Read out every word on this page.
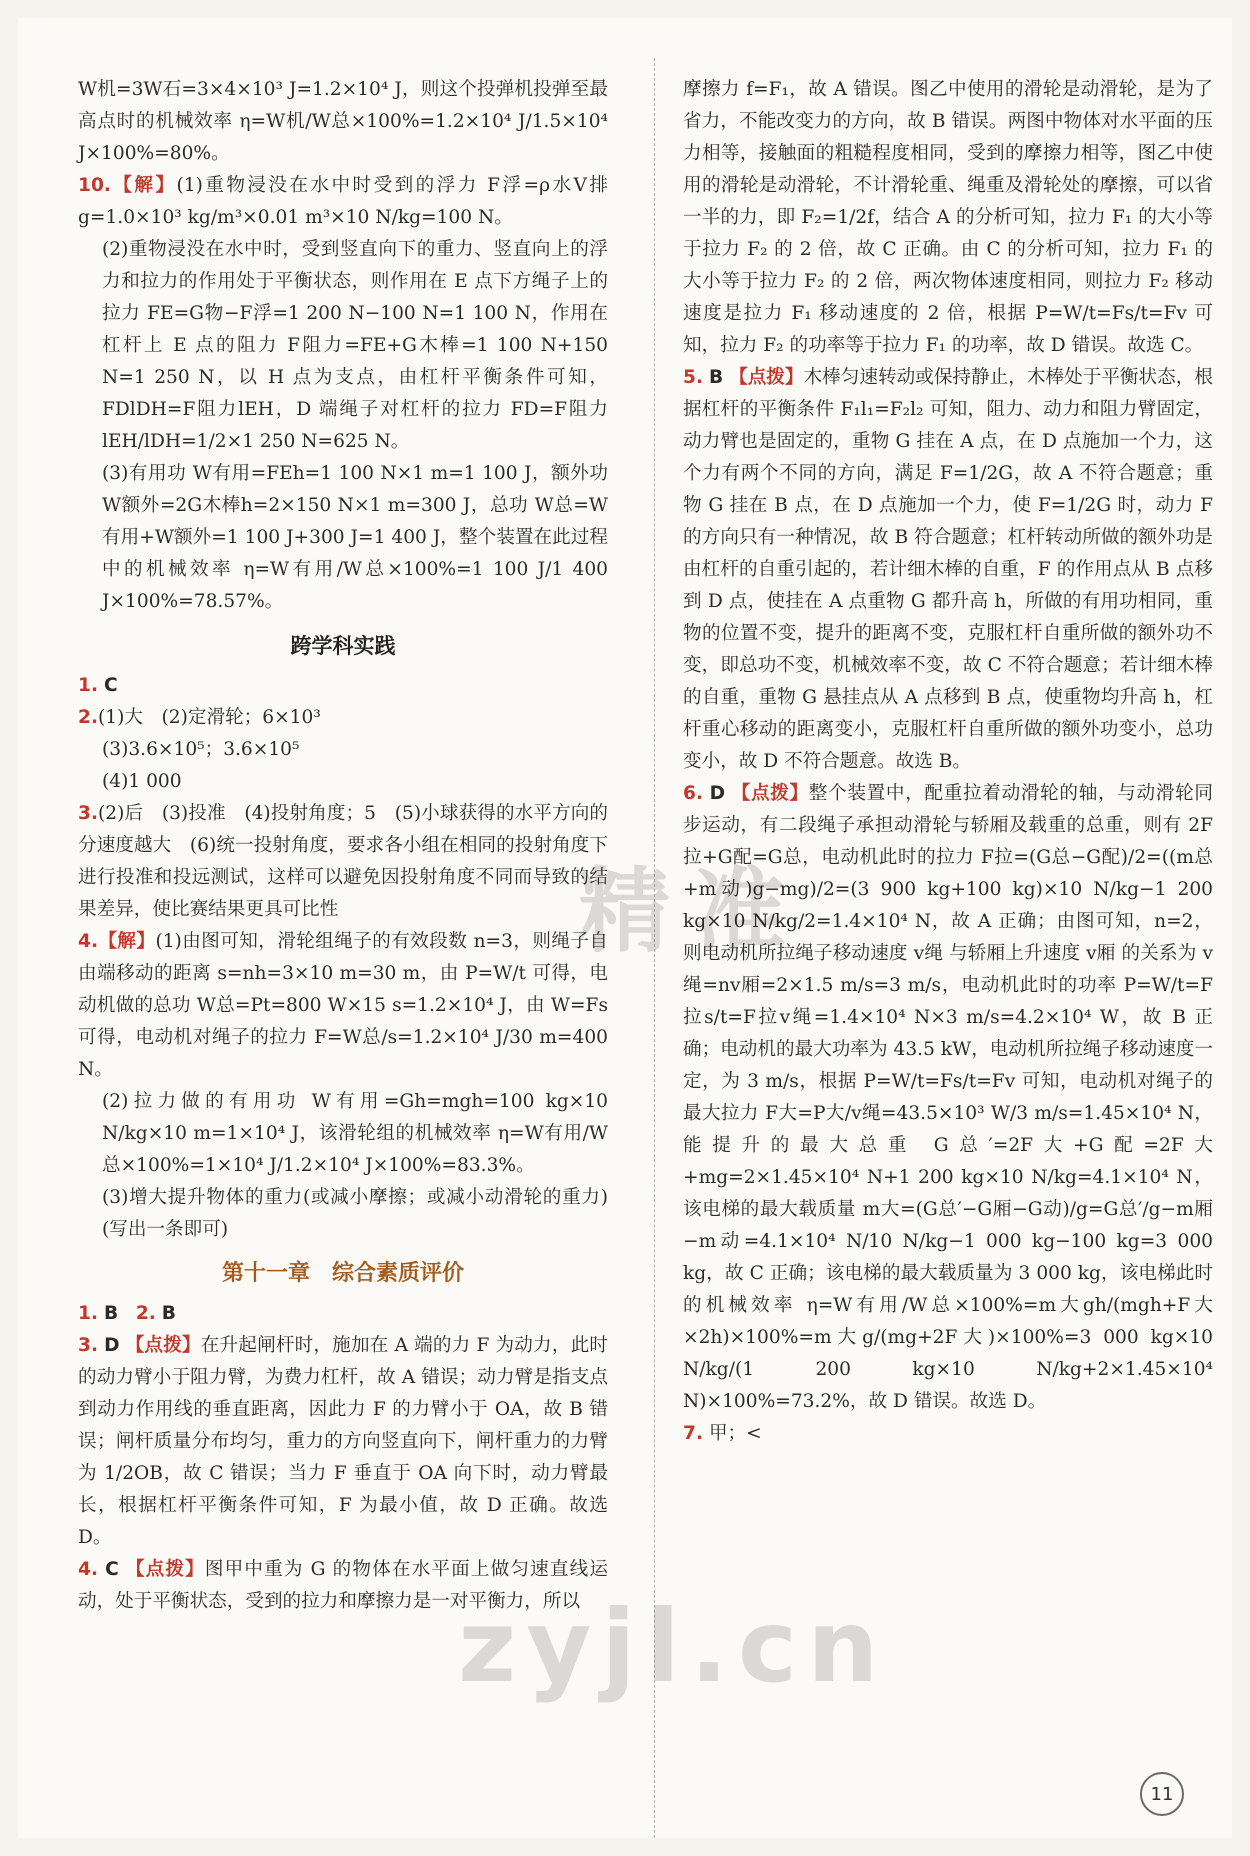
W机=3W石=3×4×10³ J=1.2×10⁴ J，则这个投弹机投弹至最高点时的机械效率 η=W机/W总×100%=1.2×10⁴ J/1.5×10⁴ J×100%=80%。

10.【解】(1)重物浸没在水中时受到的浮力 F浮=ρ水V排g=1.0×10³ kg/m³×0.01 m³×10 N/kg=100 N。

(2)重物浸没在水中时，受到竖直向下的重力、竖直向上的浮力和拉力的作用处于平衡状态，则作用在 E 点下方绳子上的拉力 FE=G物−F浮=1 200 N−100 N=1 100 N，作用在杠杆上 E 点的阻力 F阻力=FE+G木棒=1 100 N+150 N=1 250 N，以 H 点为支点，由杠杆平衡条件可知，FDlDH=F阻力lEH，D 端绳子对杠杆的拉力 FD=F阻力lEH/lDH=1/2×1 250 N=625 N。

(3)有用功 W有用=FEh=1 100 N×1 m=1 100 J，额外功 W额外=2G木棒h=2×150 N×1 m=300 J，总功 W总=W有用+W额外=1 100 J+300 J=1 400 J，整个装置在此过程中的机械效率 η=W有用/W总×100%=1 100 J/1 400 J×100%=78.57%。

跨学科实践

1. C

2.(1)大　(2)定滑轮；6×10³

(3)3.6×10⁵；3.6×10⁵

(4)1 000

3.(2)后　(3)投准　(4)投射角度；5　(5)小球获得的水平方向的分速度越大　(6)统一投射角度，要求各小组在相同的投射角度下进行投准和投远测试，这样可以避免因投射角度不同而导致的结果差异，使比赛结果更具可比性

4.【解】(1)由图可知，滑轮组绳子的有效段数 n=3，则绳子自由端移动的距离 s=nh=3×10 m=30 m，由 P=W/t 可得，电动机做的总功 W总=Pt=800 W×15 s=1.2×10⁴ J，由 W=Fs 可得，电动机对绳子的拉力 F=W总/s=1.2×10⁴ J/30 m=400 N。

(2)拉力做的有用功 W有用=Gh=mgh=100 kg×10 N/kg×10 m=1×10⁴ J，该滑轮组的机械效率 η=W有用/W总×100%=1×10⁴ J/1.2×10⁴ J×100%=83.3%。

(3)增大提升物体的重力(或减小摩擦；或减小动滑轮的重力)(写出一条即可)

第十一章　综合素质评价

1. B 2. B

3. D 【点拨】在升起闸杆时，施加在 A 端的力 F 为动力，此时的动力臂小于阻力臂，为费力杠杆，故 A 错误；动力臂是指支点到动力作用线的垂直距离，因此力 F 的力臂小于 OA，故 B 错误；闸杆质量分布均匀，重力的方向竖直向下，闸杆重力的力臂为 1/2OB，故 C 错误；当力 F 垂直于 OA 向下时，动力臂最长，根据杠杆平衡条件可知，F 为最小值，故 D 正确。故选 D。

4. C 【点拨】图甲中重为 G 的物体在水平面上做匀速直线运动，处于平衡状态，受到的拉力和摩擦力是一对平衡力，所以

摩擦力 f=F₁，故 A 错误。图乙中使用的滑轮是动滑轮，是为了省力，不能改变力的方向，故 B 错误。两图中物体对水平面的压力相等，接触面的粗糙程度相同，受到的摩擦力相等，图乙中使用的滑轮是动滑轮，不计滑轮重、绳重及滑轮处的摩擦，可以省一半的力，即 F₂=1/2f，结合 A 的分析可知，拉力 F₁ 的大小等于拉力 F₂ 的 2 倍，故 C 正确。由 C 的分析可知，拉力 F₁ 的大小等于拉力 F₂ 的 2 倍，两次物体速度相同，则拉力 F₂ 移动速度是拉力 F₁ 移动速度的 2 倍，根据 P=W/t=Fs/t=Fv 可知，拉力 F₂ 的功率等于拉力 F₁ 的功率，故 D 错误。故选 C。

5. B 【点拨】木棒匀速转动或保持静止，木棒处于平衡状态，根据杠杆的平衡条件 F₁l₁=F₂l₂ 可知，阻力、动力和阻力臂固定，动力臂也是固定的，重物 G 挂在 A 点，在 D 点施加一个力，这个力有两个不同的方向，满足 F=1/2G，故 A 不符合题意；重物 G 挂在 B 点，在 D 点施加一个力，使 F=1/2G 时，动力 F 的方向只有一种情况，故 B 符合题意；杠杆转动所做的额外功是由杠杆的自重引起的，若计细木棒的自重，F 的作用点从 B 点移到 D 点，使挂在 A 点重物 G 都升高 h，所做的有用功相同，重物的位置不变，提升的距离不变，克服杠杆自重所做的额外功不变，即总功不变，机械效率不变，故 C 不符合题意；若计细木棒的自重，重物 G 悬挂点从 A 点移到 B 点，使重物均升高 h，杠杆重心移动的距离变小，克服杠杆自重所做的额外功变小，总功变小，故 D 不符合题意。故选 B。

6. D 【点拨】整个装置中，配重拉着动滑轮的轴，与动滑轮同步运动，有二段绳子承担动滑轮与轿厢及载重的总重，则有 2F拉+G配=G总，电动机此时的拉力 F拉=(G总−G配)/2=((m总+m动)g−mg)/2=(3 900 kg+100 kg)×10 N/kg−1 200 kg×10 N/kg/2=1.4×10⁴ N，故 A 正确；由图可知，n=2，则电动机所拉绳子移动速度 v绳 与轿厢上升速度 v厢 的关系为 v绳=nv厢=2×1.5 m/s=3 m/s，电动机此时的功率 P=W/t=F拉s/t=F拉v绳=1.4×10⁴ N×3 m/s=4.2×10⁴ W，故 B 正确；电动机的最大功率为 43.5 kW，电动机所拉绳子移动速度一定，为 3 m/s，根据 P=W/t=Fs/t=Fv 可知，电动机对绳子的最大拉力 F大=P大/v绳=43.5×10³ W/3 m/s=1.45×10⁴ N，能提升的最大总重 G总′=2F大+G配=2F大+mg=2×1.45×10⁴ N+1 200 kg×10 N/kg=4.1×10⁴ N，该电梯的最大载质量 m大=(G总′−G厢−G动)/g=G总′/g−m厢−m动=4.1×10⁴ N/10 N/kg−1 000 kg−100 kg=3 000 kg，故 C 正确；该电梯的最大载质量为 3 000 kg，该电梯此时的机械效率 η=W有用/W总×100%=m大gh/(mgh+F大×2h)×100%=m大g/(mg+2F大)×100%=3 000 kg×10 N/kg/(1 200 kg×10 N/kg+2×1.45×10⁴ N)×100%=73.2%，故 D 错误。故选 D。

7. 甲；<

精准
zyjl.cn
11
